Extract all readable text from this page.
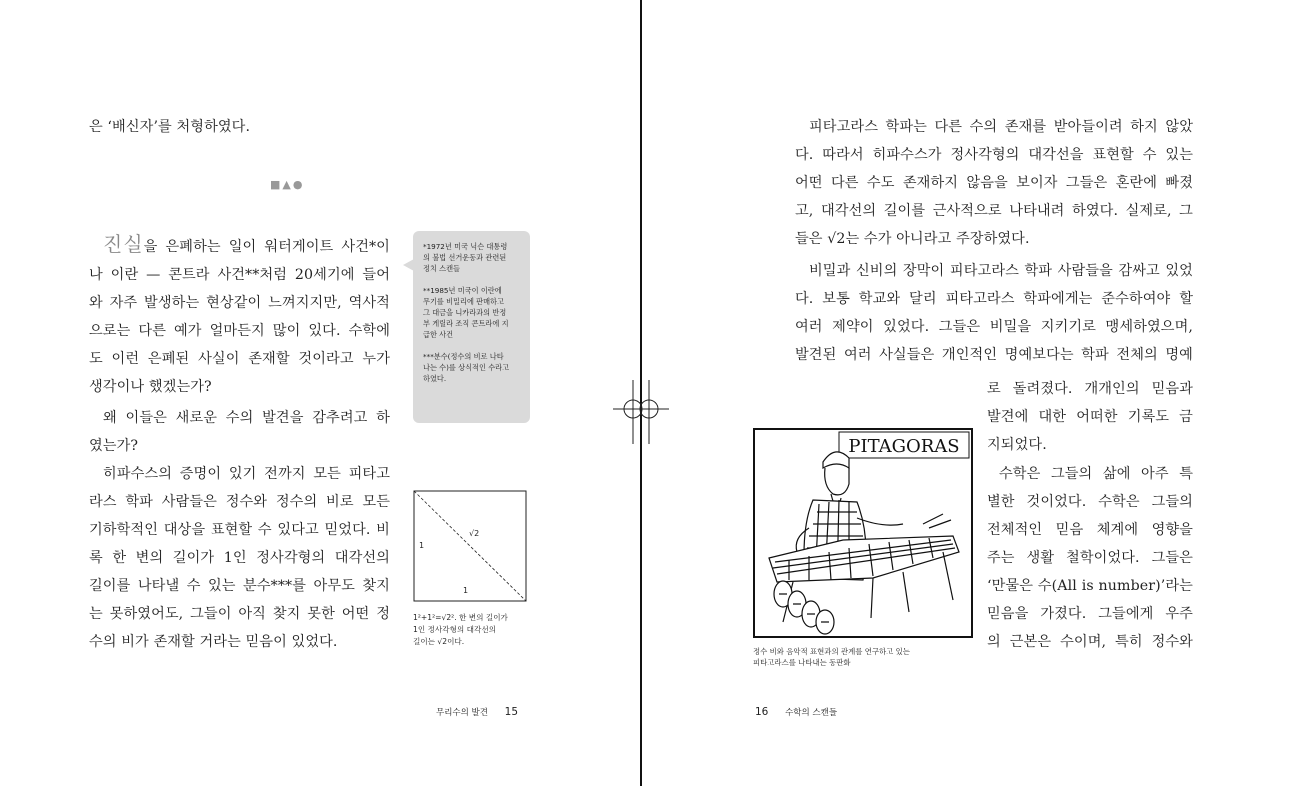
은 ‘배신자’를 처형하였다.
■▲●
진실을 은폐하는 일이 워터게이트 사건*이
나 이란 — 콘트라 사건**처럼 20세기에 들어
와 자주 발생하는 현상같이 느껴지지만, 역사적
으로는 다른 예가 얼마든지 많이 있다. 수학에
도 이런 은폐된 사실이 존재할 것이라고 누가
생각이나 했겠는가?
왜 이들은 새로운 수의 발견을 감추려고 하
였는가?
히파수스의 증명이 있기 전까지 모든 피타고
라스 학파 사람들은 정수와 정수의 비로 모든
기하학적인 대상을 표현할 수 있다고 믿었다. 비
록 한 변의 길이가 1인 정사각형의 대각선의
길이를 나타낼 수 있는 분수***를 아무도 찾지
는 못하였어도, 그들이 아직 찾지 못한 어떤 정
수의 비가 존재할 거라는 믿음이 있었다.
*1972년 미국 닉슨 대통령
의 불법 선거운동과 관련된
정치 스캔들
**1985년 미국이 이란에
무기를 비밀리에 판매하고
그 대금을 니카라과의 반정
부 게릴라 조직 콘트라에 지
급한 사건
***분수(정수의 비로 나타
나는 수)를 상식적인 수라고
하였다.
1
1
√2
1²+1²=√2². 한 변의 길이가
1인 정사각형의 대각선의
길이는 √2이다.
무리수의 발견 15
피타고라스 학파는 다른 수의 존재를 받아들이려 하지 않았
다. 따라서 히파수스가 정사각형의 대각선을 표현할 수 있는
어떤 다른 수도 존재하지 않음을 보이자 그들은 혼란에 빠졌
고, 대각선의 길이를 근사적으로 나타내려 하였다. 실제로, 그
들은 √2는 수가 아니라고 주장하였다.
비밀과 신비의 장막이 피타고라스 학파 사람들을 감싸고 있었
다. 보통 학교와 달리 피타고라스 학파에게는 준수하여야 할
여러 제약이 있었다. 그들은 비밀을 지키기로 맹세하였으며,
발견된 여러 사실들은 개인적인 명예보다는 학파 전체의 명예
로 돌려졌다. 개개인의 믿음과
발견에 대한 어떠한 기록도 금
지되었다.
수학은 그들의 삶에 아주 특
별한 것이었다. 수학은 그들의
전체적인 믿음 체계에 영향을
주는 생활 철학이었다. 그들은
‘만물은 수(All is number)’라는
믿음을 가졌다. 그들에게 우주
의 근본은 수이며, 특히 정수와
PITAGORAS
정수 비와 음악적 표현과의 관계를 연구하고 있는
피타고라스를 나타내는 동판화
16 수학의 스캔들
